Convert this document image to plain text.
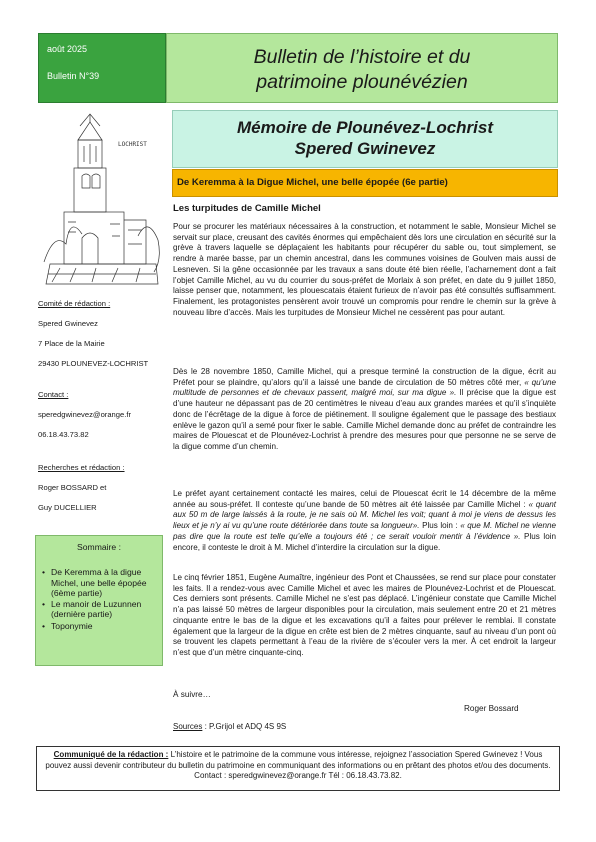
août 2025
Bulletin N°39
Bulletin de l’histoire et du
patrimoine plounévézien
LOCHRIST

Comité de rédaction :

Spered Gwinevez

7 Place de la Mairie

29430 PLOUNEVEZ-LOCHRIST

Contact :

speredgwinevez@orange.fr

06.18.43.73.82

Recherches et rédaction :

Roger BOSSARD et

Guy DUCELLIER

Sommaire :
• De Keremma à la digue Michel, une belle épopée (6ème partie)
• Le manoir de Luzunnen (dernière partie)
• Toponymie
Mémoire de Plounévez-Lochrist
Spered Gwinevez
De Keremma à la Digue Michel, une belle épopée (6e partie)
Les turpitudes de Camille Michel
Pour se procurer les matériaux nécessaires à la construction, et notamment le sable, Monsieur Michel se servait sur place, creusant des cavités énormes qui empêchaient dès lors une circulation en sécurité sur la grève à travers laquelle se déplaçaient les habitants pour récupérer du sable ou, tout simplement, se rendre à marée basse, par un chemin ancestral, dans les communes voisines de Goulven mais aussi de Lesneven. Si la gêne occasionnée par les travaux a sans doute été bien réelle, l’acharnement dont a fait l’objet Camille Michel, au vu du courrier du sous-préfet de Morlaix à son préfet, en date du 9 juillet 1850, laisse penser que, notamment, les plouescatais étaient furieux de n’avoir pas été consultés suffisamment. Finalement, les protagonistes pensèrent avoir trouvé un compromis pour rendre le chemin sur la grève à nouveau libre d’accès. Mais les turpitudes de Monsieur Michel ne cessèrent pas pour autant.
Dès le 28 novembre 1850, Camille Michel, qui a presque terminé la construction de la digue, écrit au Préfet pour se plaindre, qu’alors qu’il a laissé une bande de circulation de 50 mètres côté mer, « qu’une multitude de personnes et de chevaux passent, malgré moi, sur ma digue ». Il précise que la digue est d’une hauteur ne dépassant pas de 20 centimètres le niveau d’eau aux grandes marées et qu’il s’inquiète donc de l’écrêtage de la digue à force de piétinement. Il souligne également que le passage des bestiaux enlève le gazon qu’il a semé pour fixer le sable. Camille Michel demande donc au préfet de contraindre les maires de Plouescat et de Plounévez-Lochrist à prendre des mesures pour que personne ne se serve de la digue comme d’un chemin.
Le préfet ayant certainement contacté les maires, celui de Plouescat écrit le 14 décembre de la même année au sous-préfet. Il conteste qu’une bande de 50 mètres ait été laissée par Camille Michel : « quant aux 50 m de large laissés à la route, je ne sais où M. Michel les voit; quant à moi je viens de dessus les lieux et je n’y ai vu qu’une route détériorée dans toute sa longueur». Plus loin : « que M. Michel ne vienne pas dire que la route est telle qu’elle a toujours été ; ce serait vouloir mentir à l’évidence ». Plus loin encore, il conteste le droit à M. Michel d’interdire la circulation sur la digue.
Le cinq février 1851, Eugène Aumaître, ingénieur des Pont et Chaussées, se rend sur place pour constater les faits. Il a rendez-vous avec Camille Michel et avec les maires de Plounévez-Lochrist et de Plouescat. Ces derniers sont présents. Camille Michel ne s’est pas déplacé. L’ingénieur constate que Camille Michel n’a pas laissé 50 mètres de largeur disponibles pour la circulation, mais seulement entre 20 et 21 mètres cinquante entre le bas de la digue et les excavations qu’il a faites pour prélever le remblai. Il constate également que la largeur de la digue en crête est bien de 2 mètres cinquante, sauf au niveau d’un pont où se trouvent les clapets permettant à l’eau de la rivière de s’écouler vers la mer. À cet endroit la largeur n’est que d’un mètre cinquante-cinq.
À suivre…
Roger Bossard
Sources : P.Grijol et ADQ 4S 9S
Communiqué de la rédaction : L’histoire et le patrimoine de la commune vous intéresse, rejoignez l’association Spered Gwinevez ! Vous pouvez aussi devenir contributeur du bulletin du patrimoine en communiquant des informations ou en prêtant des photos et/ou des documents. Contact : speredgwinevez@orange.fr Tél : 06.18.43.73.82.
